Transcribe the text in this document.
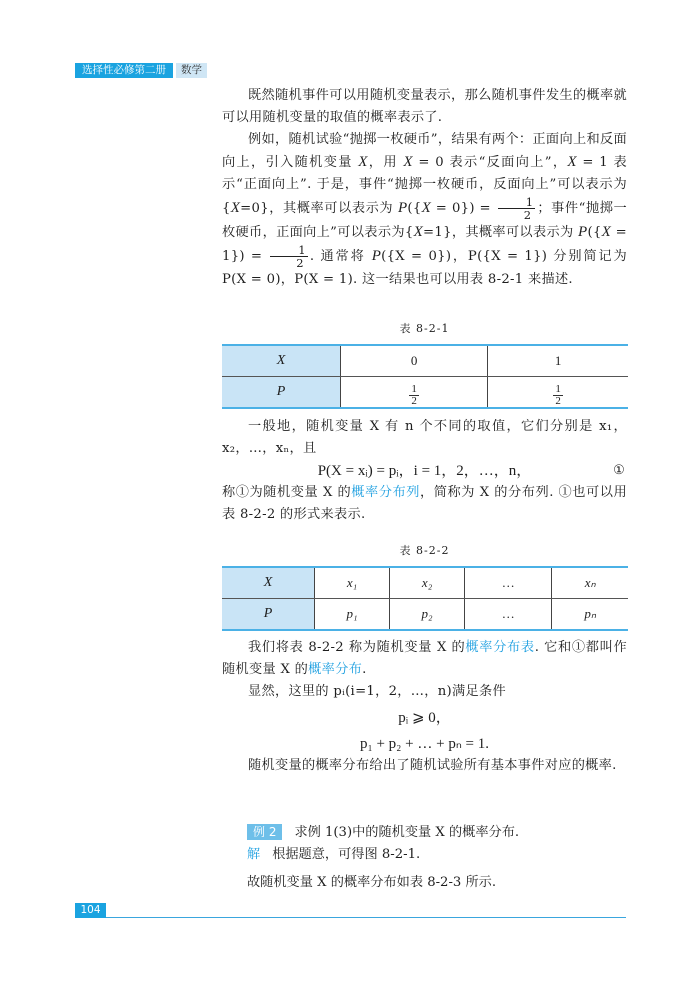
选择性必修第二册	数学

既然随机事件可以用随机变量表示，那么随机事件发生的概率就可以用随机变量的取值的概率表示了.

例如，随机试验“抛掷一枚硬币”，结果有两个：正面向上和反面向上，引入随机变量 X，用 X = 0 表示“反面向上”，X = 1 表示“正面向上”. 于是，事件“抛掷一枚硬币，反面向上”可以表示为{X=0}，其概率可以表示为 $P(\{X = 0\}) = \frac{1}{2}$ ；事件“抛掷一枚硬币，正面向上”可以表示为{X=1}，其概率可以表示为 $P(\{X = 1\}) = \frac{1}{2}$ . 通常将 P({X = 0})，P({X = 1}) 分别简记为 P(X = 0)，P(X = 1). 这一结果也可以用表 8-2-1 来描述.

表 8-2-1
X	0	1
P	$\frac{1}{2}$	$\frac{1}{2}$

一般地，随机变量 X 有 n 个不同的取值，它们分别是 x₁，x₂，…，xₙ，且

P(X = xᵢ) = pᵢ，i = 1，2，…，n，	①

称①为随机变量 X 的概率分布列，简称为 X 的分布列. ①也可以用表 8-2-2 的形式来表示.

表 8-2-2
X	x₁	x₂	…	xₙ
P	p₁	p₂	…	pₙ

我们将表 8-2-2 称为随机变量 X 的概率分布表. 它和①都叫作随机变量 X 的概率分布.

显然，这里的 pᵢ(i=1，2，…，n)满足条件

pᵢ ⩾ 0，
p₁ + p₂ + … + pₙ = 1.

随机变量的概率分布给出了随机试验所有基本事件对应的概率.

例 2 求例 1(3)中的随机变量 X 的概率分布.
解 根据题意，可得图 8-2-1.
故随机变量 X 的概率分布如表 8-2-3 所示.
104
